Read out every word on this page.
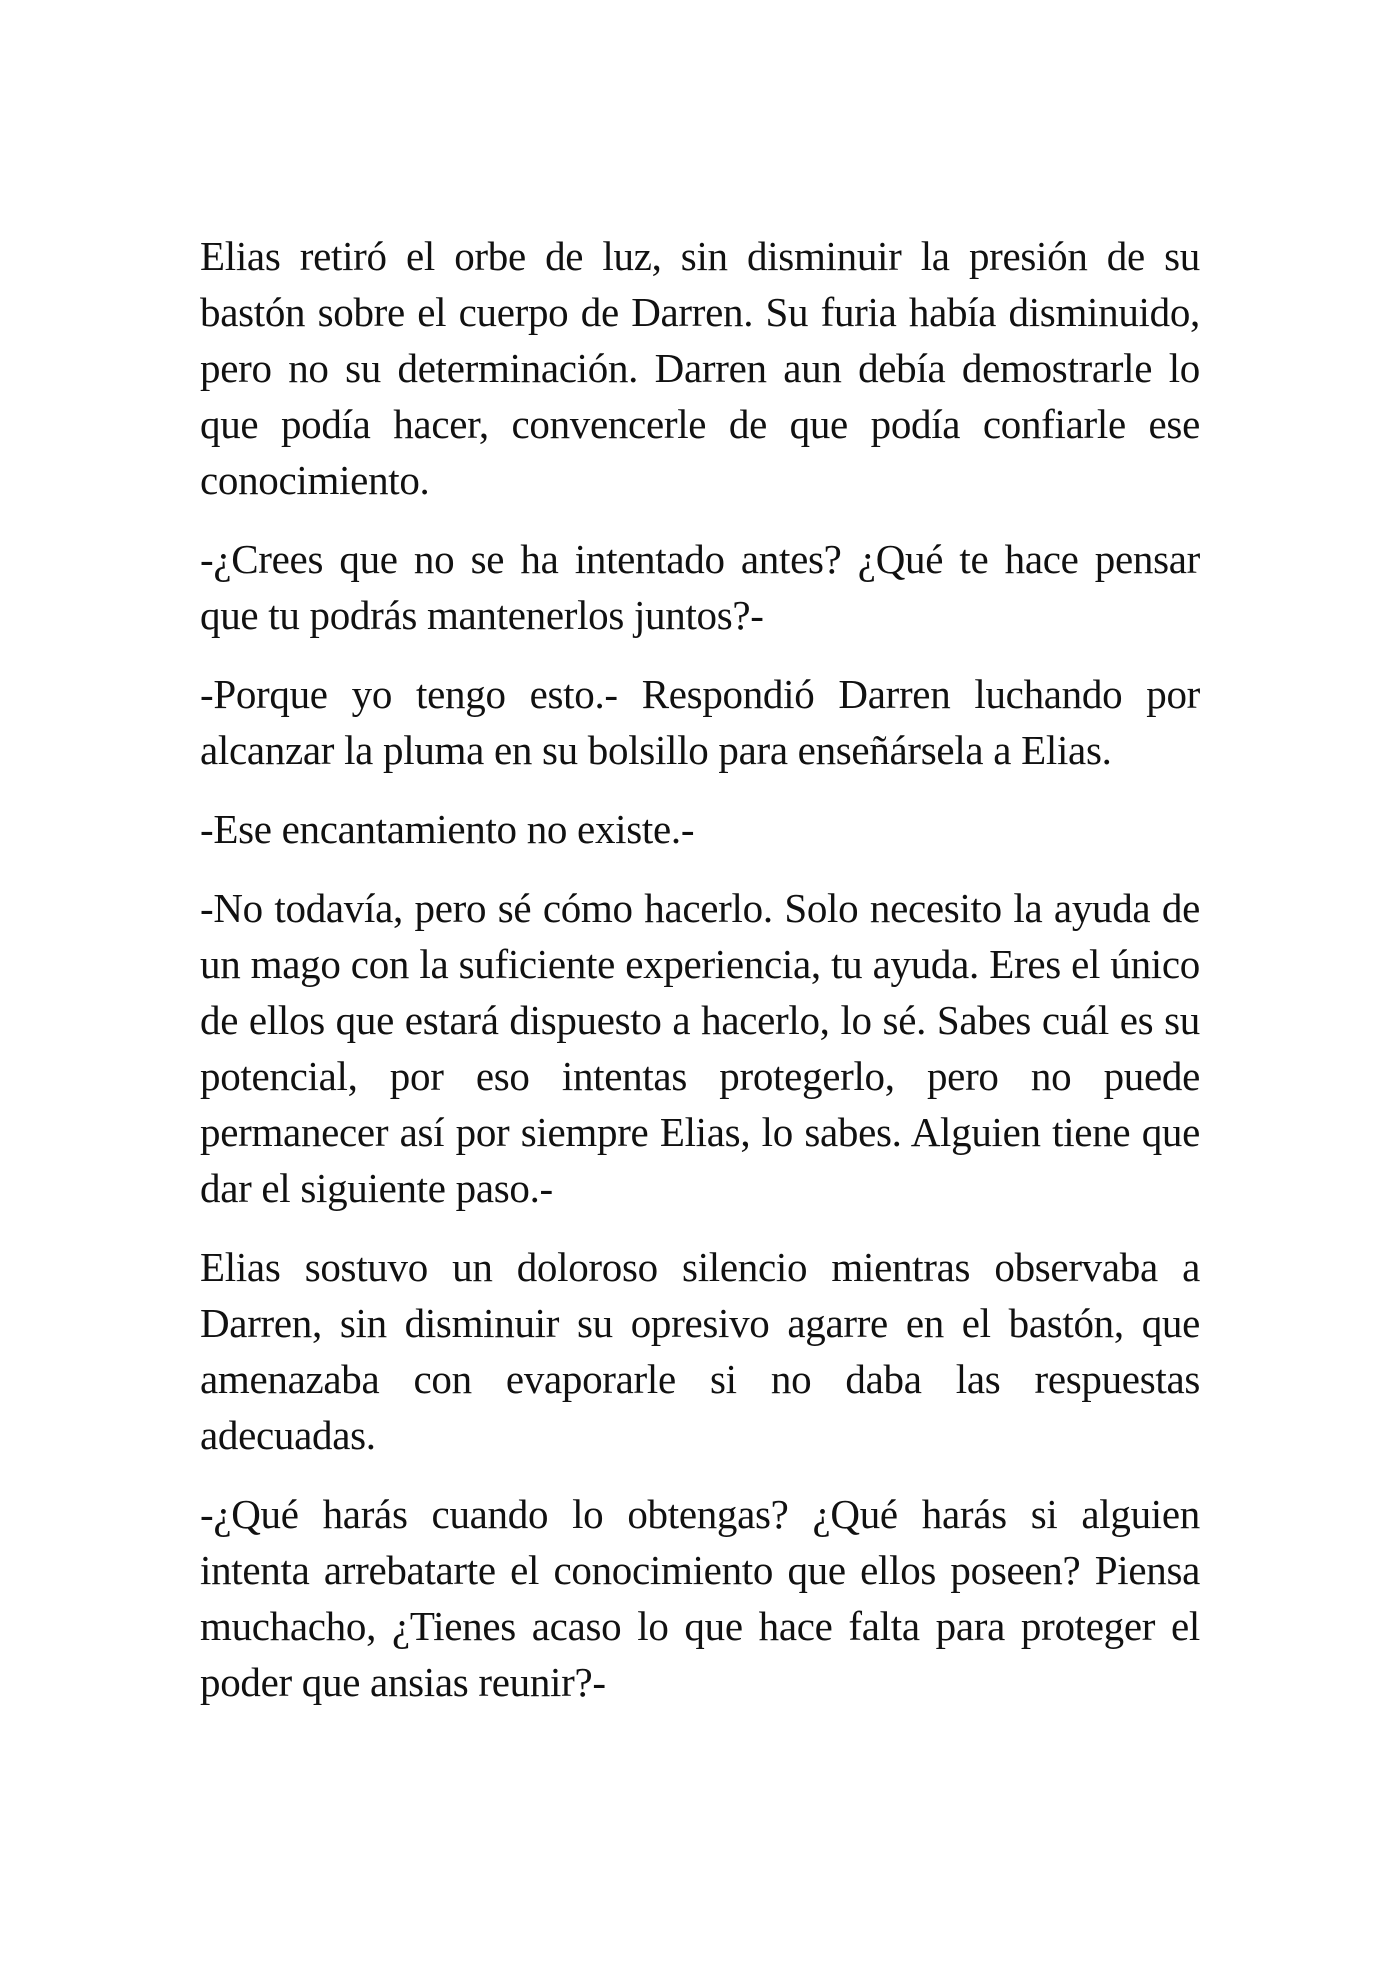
Elias retiró el orbe de luz, sin disminuir la presión de su bastón sobre el cuerpo de Darren. Su furia había disminuido, pero no su determinación. Darren aun debía demostrarle lo que podía hacer, convencerle de que podía confiarle ese conocimiento.

-¿Crees que no se ha intentado antes? ¿Qué te hace pensar que tu podrás mantenerlos juntos?-

-Porque yo tengo esto.- Respondió Darren luchando por alcanzar la pluma en su bolsillo para enseñársela a Elias.

-Ese encantamiento no existe.-

-No todavía, pero sé cómo hacerlo. Solo necesito la ayuda de un mago con la suficiente experiencia, tu ayuda. Eres el único de ellos que estará dispuesto a hacerlo, lo sé. Sabes cuál es su potencial, por eso intentas protegerlo, pero no puede permanecer así por siempre Elias, lo sabes. Alguien tiene que dar el siguiente paso.-

Elias sostuvo un doloroso silencio mientras observaba a Darren, sin disminuir su opresivo agarre en el bastón, que amenazaba con evaporarle si no daba las respuestas adecuadas.

-¿Qué harás cuando lo obtengas? ¿Qué harás si alguien intenta arrebatarte el conocimiento que ellos poseen? Piensa muchacho, ¿Tienes acaso lo que hace falta para proteger el poder que ansias reunir?-
